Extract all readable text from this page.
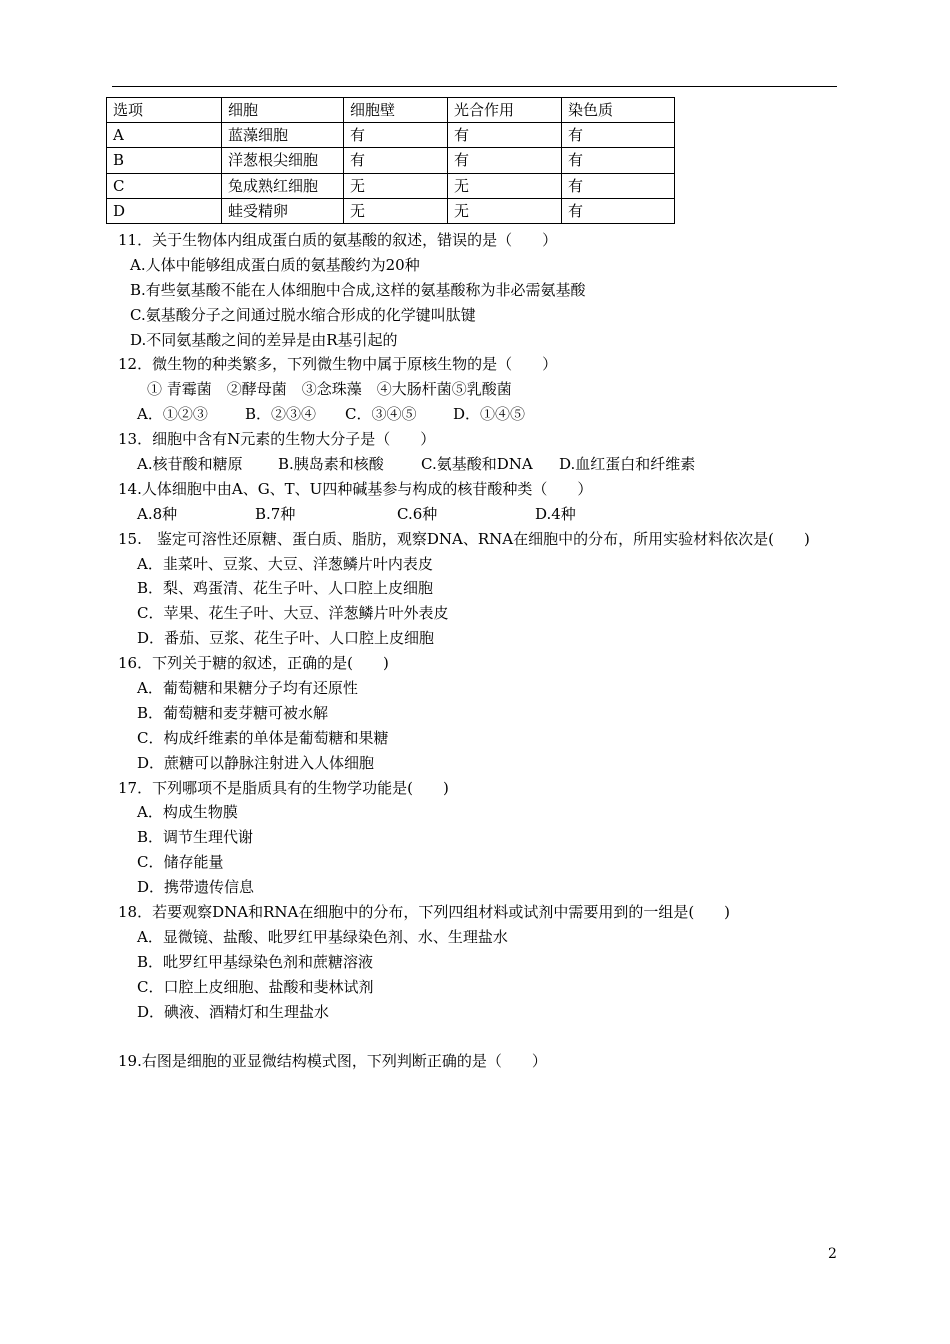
选项	细胞	细胞壁	光合作用	染色质
A	蓝藻细胞	有	有	有
B	洋葱根尖细胞	有	有	有
C	兔成熟红细胞	无	无	有
D	蛙受精卵	无	无	有
11．关于生物体内组成蛋白质的氨基酸的叙述，错误的是（　　）
A.人体中能够组成蛋白质的氨基酸约为20种
B.有些氨基酸不能在人体细胞中合成,这样的氨基酸称为非必需氨基酸
C.氨基酸分子之间通过脱水缩合形成的化学键叫肽键
D.不同氨基酸之间的差异是由R基引起的
12．微生物的种类繁多，下列微生物中属于原核生物的是（　　）
① 青霉菌　②酵母菌　③念珠藻　④大肠杆菌⑤乳酸菌
A．①②③ B．②③④ C．③④⑤ D．①④⑤
13．细胞中含有N元素的生物大分子是（　　）
A.核苷酸和糖原 B.胰岛素和核酸 C.氨基酸和DNA D.血红蛋白和纤维素
14.人体细胞中由A、G、T、U四种碱基参与构成的核苷酸种类（　　）
A.8种	B.7种	C.6种	D.4种
15.　鉴定可溶性还原糖、蛋白质、脂肪，观察DNA、RNA在细胞中的分布，所用实验材料依次是(　　)
A．韭菜叶、豆浆、大豆、洋葱鳞片叶内表皮
B．梨、鸡蛋清、花生子叶、人口腔上皮细胞
C．苹果、花生子叶、大豆、洋葱鳞片叶外表皮
D．番茄、豆浆、花生子叶、人口腔上皮细胞
16．下列关于糖的叙述，正确的是(　　)
A．葡萄糖和果糖分子均有还原性
B．葡萄糖和麦芽糖可被水解
C．构成纤维素的单体是葡萄糖和果糖
D．蔗糖可以静脉注射进入人体细胞
17．下列哪项不是脂质具有的生物学功能是(　　)
A．构成生物膜
B．调节生理代谢
C．储存能量
D．携带遗传信息
18．若要观察DNA和RNA在细胞中的分布，下列四组材料或试剂中需要用到的一组是(　　)
A．显微镜、盐酸、吡罗红甲基绿染色剂、水、生理盐水
B．吡罗红甲基绿染色剂和蔗糖溶液
C．口腔上皮细胞、盐酸和斐林试剂
D．碘液、酒精灯和生理盐水
19.右图是细胞的亚显微结构模式图，下列判断正确的是（　　）
2
